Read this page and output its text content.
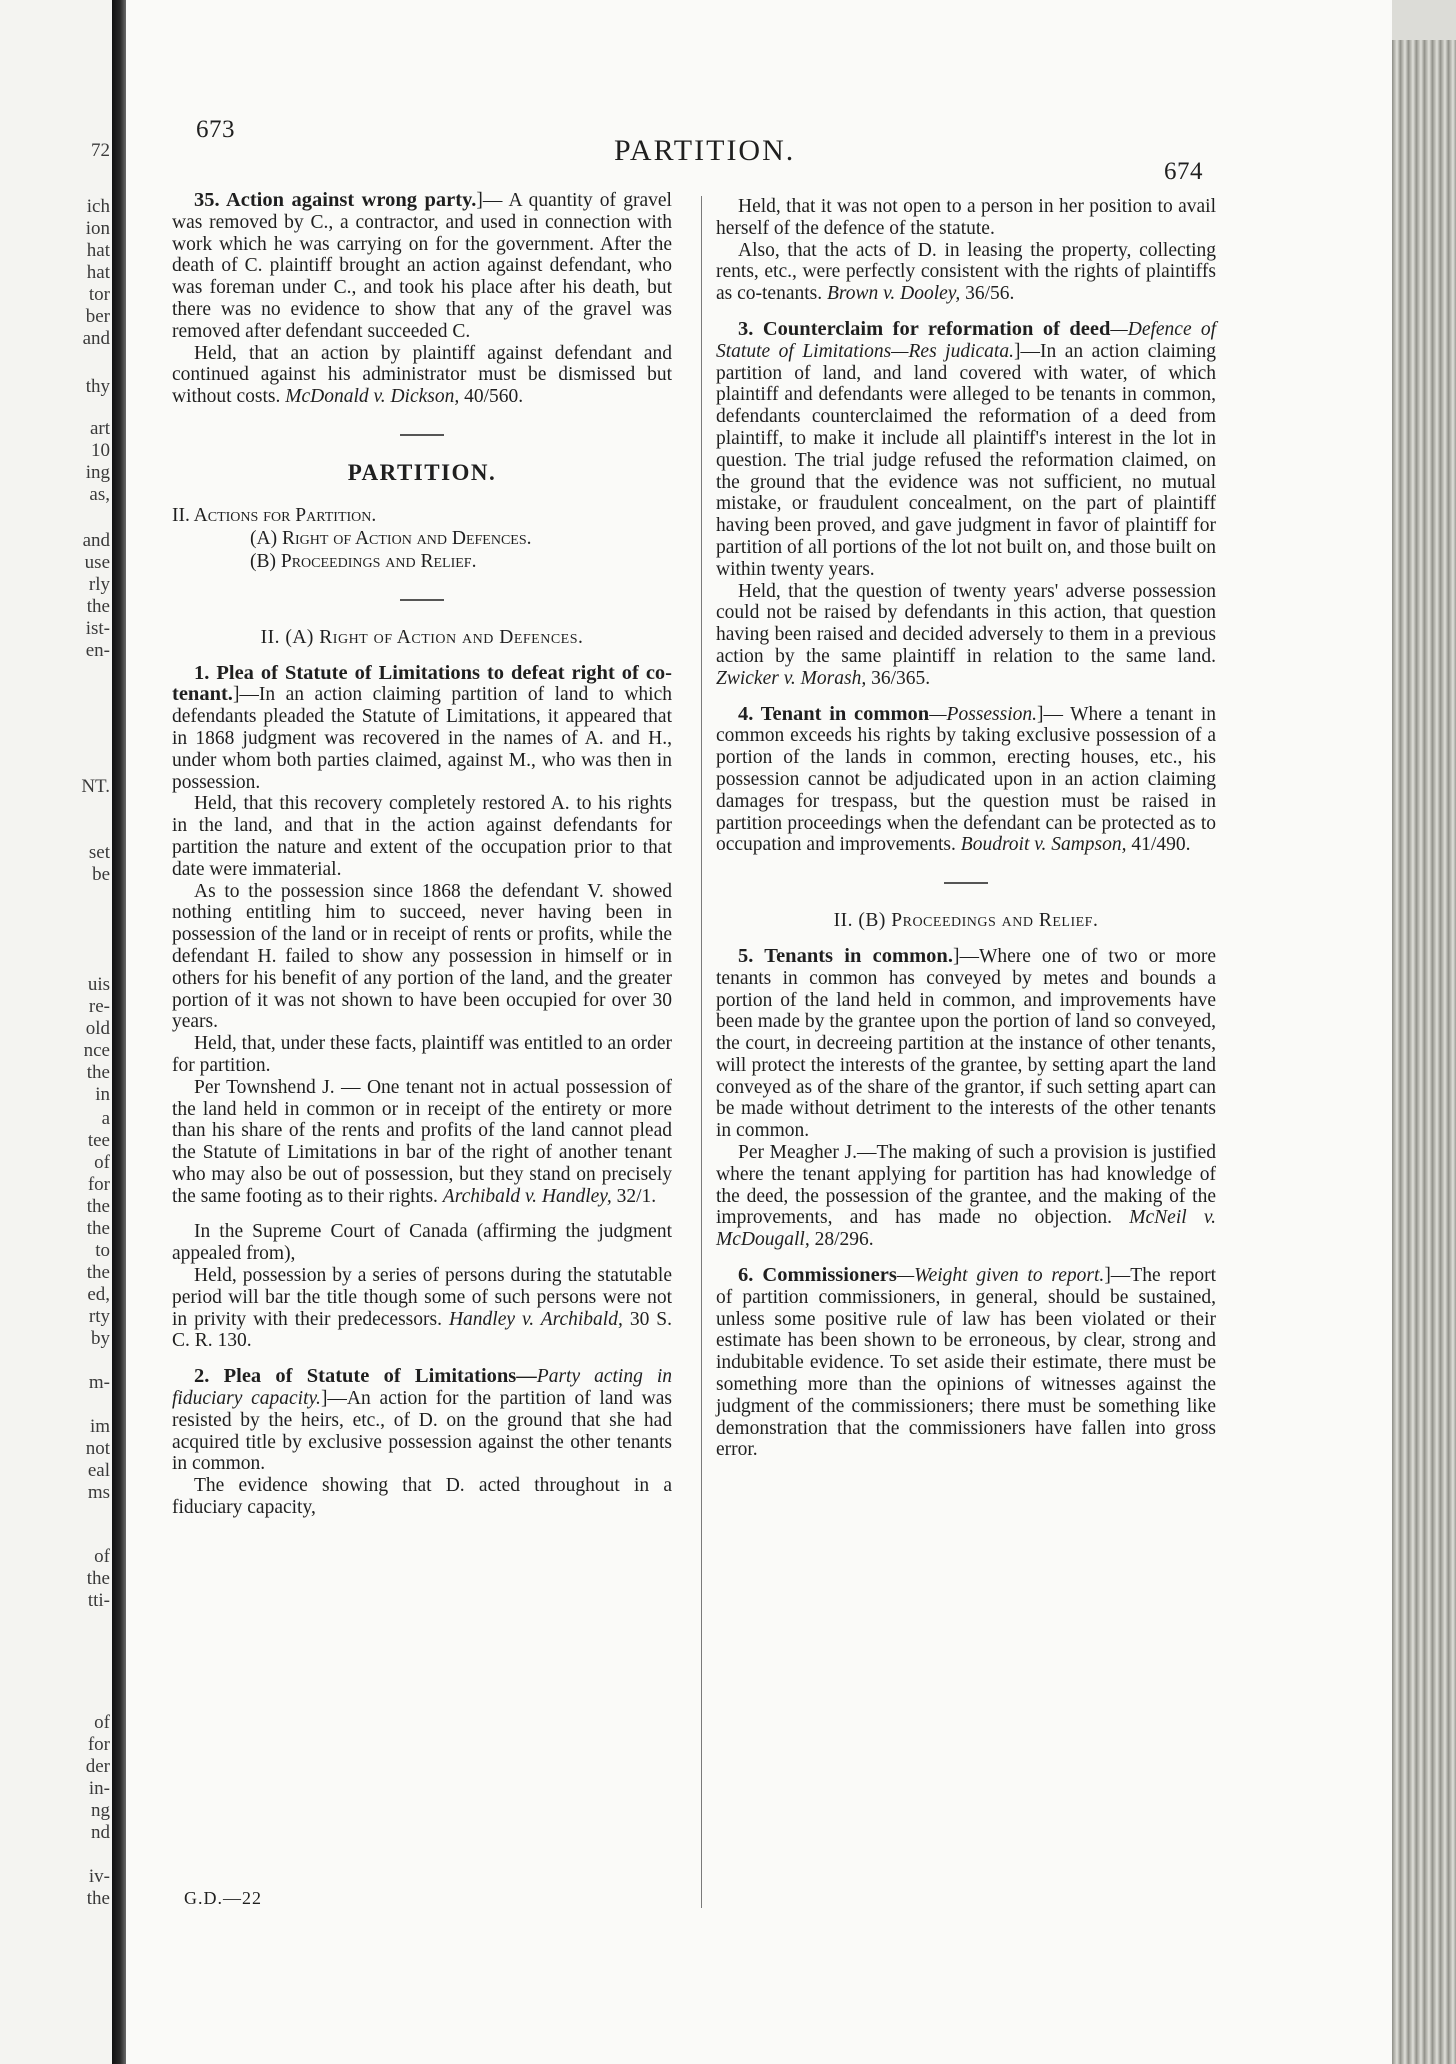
72
ich
ion
hat
hat
tor
ber
and
thy
art
10
ing
as,
and
use
rly
the
ist-
en-
NT.
set
be
uis
re-
old
nce
the
in
a
tee
of
for
the
the
to
the
ed,
rty
by
m-
im
not
eal
ms
of
the
tti-
of
for
der
in-
ng
nd
iv-
the
673
PARTITION.
674

35. Action against wrong party.]— A quantity of gravel was removed by C., a contractor, and used in connection with work which he was carrying on for the government. After the death of C. plaintiff brought an action against defendant, who was foreman under C., and took his place after his death, but there was no evidence to show that any of the gravel was removed after defendant succeeded C.

Held, that an action by plaintiff against defendant and continued against his administrator must be dismissed but without costs. McDonald v. Dickson, 40/560.

PARTITION.
II. Actions for Partition.
(A) Right of Action and Defences.
(B) Proceedings and Relief.
II. (A) Right of Action and Defences.

1. Plea of Statute of Limitations to defeat right of co-tenant.]—In an action claiming partition of land to which defendants pleaded the Statute of Limitations, it appeared that in 1868 judgment was recovered in the names of A. and H., under whom both parties claimed, against M., who was then in possession.

Held, that this recovery completely restored A. to his rights in the land, and that in the action against defendants for partition the nature and extent of the occupation prior to that date were immaterial.

As to the possession since 1868 the defendant V. showed nothing entitling him to succeed, never having been in possession of the land or in receipt of rents or profits, while the defendant H. failed to show any possession in himself or in others for his benefit of any portion of the land, and the greater portion of it was not shown to have been occupied for over 30 years.

Held, that, under these facts, plaintiff was entitled to an order for partition.

Per Townshend J. — One tenant not in actual possession of the land held in common or in receipt of the entirety or more than his share of the rents and profits of the land cannot plead the Statute of Limitations in bar of the right of another tenant who may also be out of possession, but they stand on precisely the same footing as to their rights. Archibald v. Handley, 32/1.

In the Supreme Court of Canada (affirming the judgment appealed from),

Held, possession by a series of persons during the statutable period will bar the title though some of such persons were not in privity with their predecessors. Handley v. Archibald, 30 S. C. R. 130.

2. Plea of Statute of Limitations—Party acting in fiduciary capacity.]—An action for the partition of land was resisted by the heirs, etc., of D. on the ground that she had acquired title by exclusive possession against the other tenants in common.

The evidence showing that D. acted throughout in a fiduciary capacity,

G.D.—22

Held, that it was not open to a person in her position to avail herself of the defence of the statute.

Also, that the acts of D. in leasing the property, collecting rents, etc., were perfectly consistent with the rights of plaintiffs as co-tenants. Brown v. Dooley, 36/56.

3. Counterclaim for reformation of deed—Defence of Statute of Limitations—Res judicata.]—In an action claiming partition of land, and land covered with water, of which plaintiff and defendants were alleged to be tenants in common, defendants counterclaimed the reformation of a deed from plaintiff, to make it include all plaintiff's interest in the lot in question. The trial judge refused the reformation claimed, on the ground that the evidence was not sufficient, no mutual mistake, or fraudulent concealment, on the part of plaintiff having been proved, and gave judgment in favor of plaintiff for partition of all portions of the lot not built on, and those built on within twenty years.

Held, that the question of twenty years' adverse possession could not be raised by defendants in this action, that question having been raised and decided adversely to them in a previous action by the same plaintiff in relation to the same land. Zwicker v. Morash, 36/365.

4. Tenant in common—Possession.]— Where a tenant in common exceeds his rights by taking exclusive possession of a portion of the lands in common, erecting houses, etc., his possession cannot be adjudicated upon in an action claiming damages for trespass, but the question must be raised in partition proceedings when the defendant can be protected as to occupation and improvements. Boudroit v. Sampson, 41/490.

II. (B) Proceedings and Relief.

5. Tenants in common.]—Where one of two or more tenants in common has conveyed by metes and bounds a portion of the land held in common, and improvements have been made by the grantee upon the portion of land so conveyed, the court, in decreeing partition at the instance of other tenants, will protect the interests of the grantee, by setting apart the land conveyed as of the share of the grantor, if such setting apart can be made without detriment to the interests of the other tenants in common.

Per Meagher J.—The making of such a provision is justified where the tenant applying for partition has had knowledge of the deed, the possession of the grantee, and the making of the improvements, and has made no objection. McNeil v. McDougall, 28/296.

6. Commissioners—Weight given to report.]—The report of partition commissioners, in general, should be sustained, unless some positive rule of law has been violated or their estimate has been shown to be erroneous, by clear, strong and indubitable evidence. To set aside their estimate, there must be something more than the opinions of witnesses against the judgment of the commissioners; there must be something like demonstration that the commissioners have fallen into gross error.
